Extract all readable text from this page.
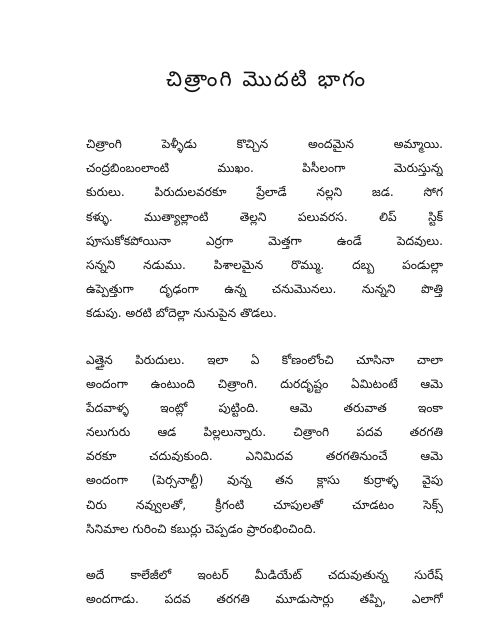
చిత్రాంగి మొదటి భాగం
చిత్రాంగి పెళ్ళీడు కొచ్చిన అందమైన అమ్మాయి.
చంద్రబింబంలాంటి ముఖం. పిసీలంగా మెరుస్తున్న
కురులు. పిరుదులవరకూ ప్రేలాడే నల్లని జడ. సోగ
కళ్ళు. ముత్యాల్లాంటి తెల్లని పలువరస. లిప్ స్టిక్
పూసుకోకపోయినా ఎర్రగా మెత్తగా ఉండే పెదవులు.
సన్నని నడుము. పిశాలమైన రొమ్ము. దబ్బ పండుల్లా
ఉప్పెత్తుగా దృఢంగా ఉన్న చనుమొనలు. నున్నని పొత్తి
కడుపు. అరటి బోదెల్లా నునుపైన తొడలు.
ఎత్తైన పిరుదులు. ఇలా ఏ కోణంలోంచి చూసినా చాలా
అందంగా ఉంటుంది చిత్రాంగి. దురదృష్టం ఏమిటంటే ఆమె
పేదవాళ్ళ ఇంట్లో పుట్టింది. ఆమె తరువాత ఇంకా
నలుగురు ఆడ పిల్లలున్నారు. చిత్రాంగి పదవ తరగతి
వరకూ చదువుకుంది. ఎనిమిదవ తరగతినుంచే ఆమె
అందంగా (పెర్సనాల్టీ) వున్న తన క్లాసు కుర్రాళ్ళ వైపు
చిరు నవ్వులతో, క్రీగంటి చూపులతో చూడటం సెక్స్
సినిమాల గురించి కబుర్లు చెప్పడం ప్రారంభించింది.
అదే కాలేజీలో ఇంటర్ మీడియేట్ చదువుతున్న సురేష్
అందగాడు. పదవ తరగతి మూడుసార్లు తప్పి, ఎలాగో
